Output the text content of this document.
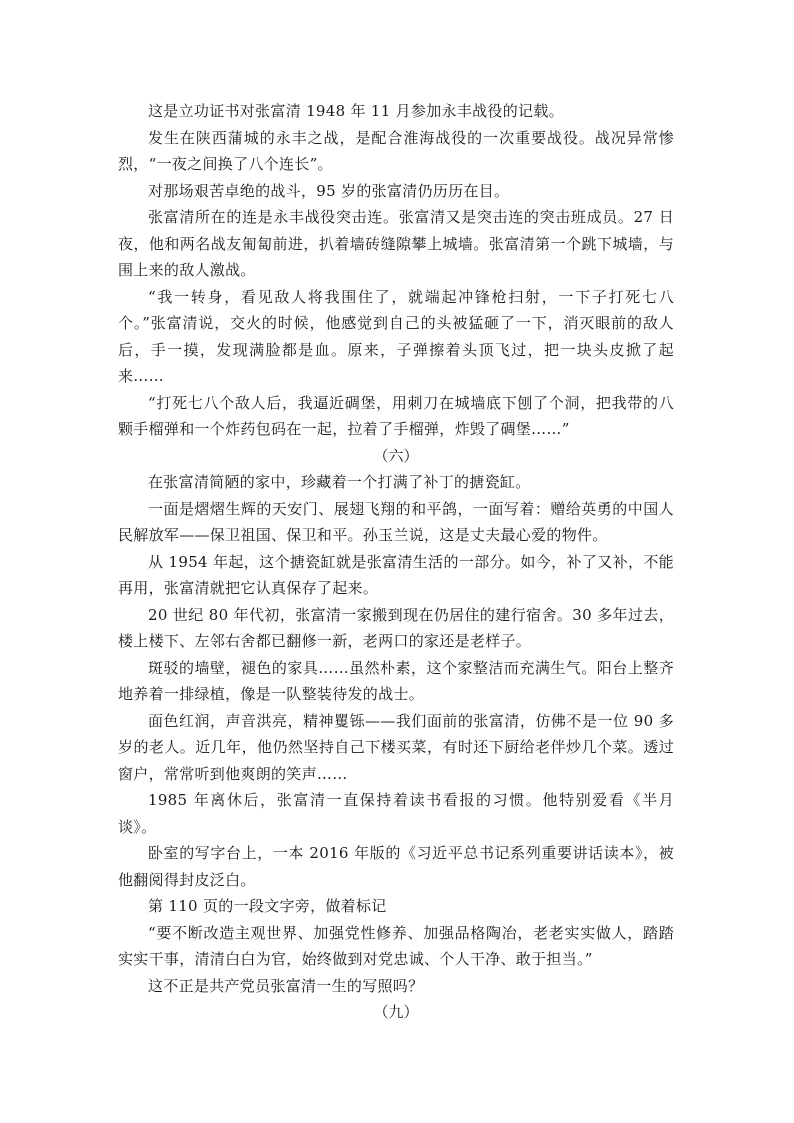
这是立功证书对张富清 1948 年 11 月参加永丰战役的记载。

发生在陕西蒲城的永丰之战，是配合淮海战役的一次重要战役。战况异常惨烈，“一夜之间换了八个连长”。

对那场艰苦卓绝的战斗，95 岁的张富清仍历历在目。

张富清所在的连是永丰战役突击连。张富清又是突击连的突击班成员。27 日夜，他和两名战友匍匐前进，扒着墙砖缝隙攀上城墙。张富清第一个跳下城墙，与围上来的敌人激战。

“我一转身，看见敌人将我围住了，就端起冲锋枪扫射，一下子打死七八个。”张富清说，交火的时候，他感觉到自己的头被猛砸了一下，消灭眼前的敌人后，手一摸，发现满脸都是血。原来，子弹擦着头顶飞过，把一块头皮掀了起来……

“打死七八个敌人后，我逼近碉堡，用刺刀在城墙底下刨了个洞，把我带的八颗手榴弹和一个炸药包码在一起，拉着了手榴弹，炸毁了碉堡……”

（六）

在张富清简陋的家中，珍藏着一个打满了补丁的搪瓷缸。

一面是熠熠生辉的天安门、展翅飞翔的和平鸽，一面写着：赠给英勇的中国人民解放军——保卫祖国、保卫和平。孙玉兰说，这是丈夫最心爱的物件。

从 1954 年起，这个搪瓷缸就是张富清生活的一部分。如今，补了又补，不能再用，张富清就把它认真保存了起来。

20 世纪 80 年代初，张富清一家搬到现在仍居住的建行宿舍。30 多年过去，楼上楼下、左邻右舍都已翻修一新，老两口的家还是老样子。

斑驳的墙壁，褪色的家具……虽然朴素，这个家整洁而充满生气。阳台上整齐地养着一排绿植，像是一队整装待发的战士。

面色红润，声音洪亮，精神矍铄——我们面前的张富清，仿佛不是一位 90 多岁的老人。近几年，他仍然坚持自己下楼买菜，有时还下厨给老伴炒几个菜。透过窗户，常常听到他爽朗的笑声……

1985 年离休后，张富清一直保持着读书看报的习惯。他特别爱看《半月谈》。

卧室的写字台上，一本 2016 年版的《习近平总书记系列重要讲话读本》，被他翻阅得封皮泛白。

第 110 页的一段文字旁，做着标记

“要不断改造主观世界、加强党性修养、加强品格陶冶，老老实实做人，踏踏实实干事，清清白白为官，始终做到对党忠诚、个人干净、敢于担当。”

这不正是共产党员张富清一生的写照吗？

（九）
